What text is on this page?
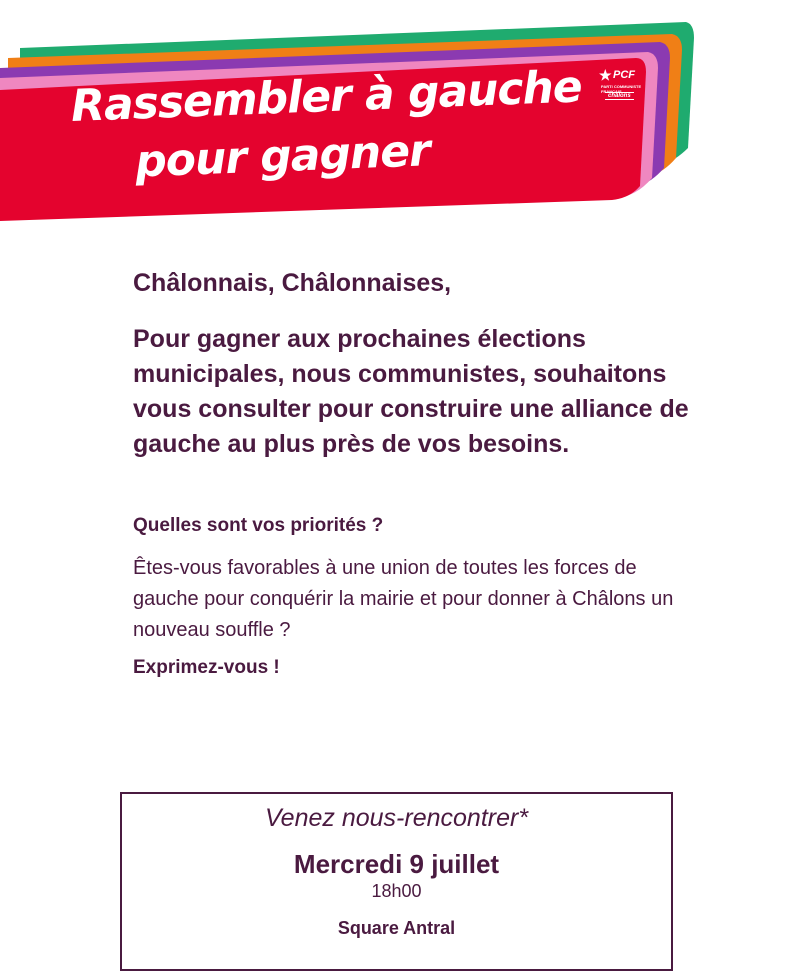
Rassembler à gauche
pour gagner
★ PCF
PARTI COMMUNISTE FRANÇAIS
châlons

Châlonnais, Châlonnaises,

Pour gagner aux prochaines élections municipales, nous communistes, souhaitons vous consulter pour construire une alliance de gauche au plus près de vos besoins.

Quelles sont vos priorités ?

Êtes-vous favorables à une union de toutes les forces de gauche pour conquérir la mairie et pour donner à Châlons un nouveau souffle ?

Exprimez-vous !

Venez nous-rencontrer*
Mercredi 9 juillet
18h00
Square Antral
